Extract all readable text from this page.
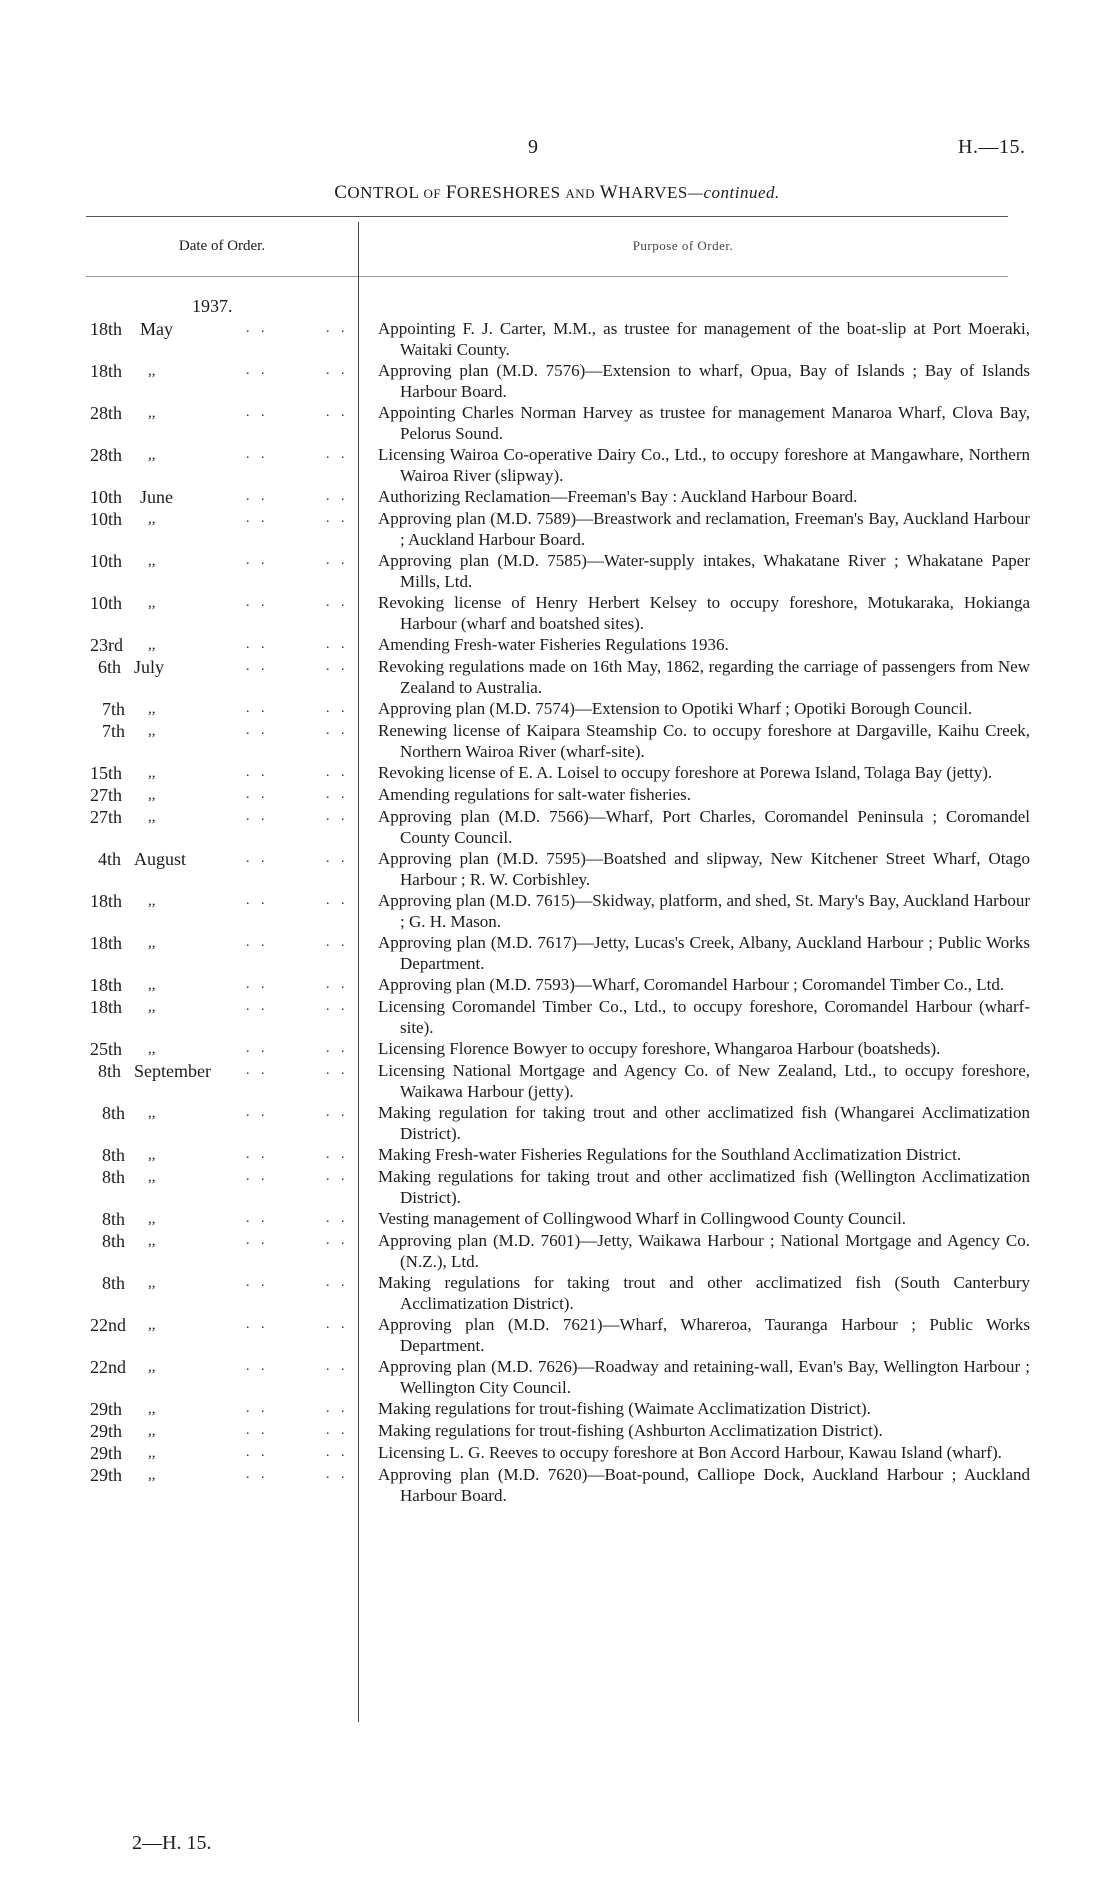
9	H.—15.
CONTROL OF FORESHORES AND WHARVES—continued.
Date of Order.	Purpose of Order.
1937.
18th May	. .	. . Appointing F. J. Carter, M.M., as trustee for management of the boat-slip at Port Moeraki, Waitaki County.
18th ,,	. .	. . Approving plan (M.D. 7576)—Extension to wharf, Opua, Bay of Islands ; Bay of Islands Harbour Board.
28th ,,	. .	. . Appointing Charles Norman Harvey as trustee for management Manaroa Wharf, Clova Bay, Pelorus Sound.
28th ,,	. .	. . Licensing Wairoa Co-operative Dairy Co., Ltd., to occupy foreshore at Mangawhare, Northern Wairoa River (slipway).
10th June	. .	. . Authorizing Reclamation—Freeman's Bay : Auckland Harbour Board.
10th ,,	. .	. . Approving plan (M.D. 7589)—Breastwork and reclamation, Freeman's Bay, Auckland Harbour ; Auckland Harbour Board.
10th ,,	. .	. . Approving plan (M.D. 7585)—Water-supply intakes, Whakatane River ; Whakatane Paper Mills, Ltd.
10th ,,	. .	. . Revoking license of Henry Herbert Kelsey to occupy foreshore, Motukaraka, Hokianga Harbour (wharf and boatshed sites).
23rd ,,	. .	. . Amending Fresh-water Fisheries Regulations 1936.
6th July	. .	. . Revoking regulations made on 16th May, 1862, regarding the carriage of passengers from New Zealand to Australia.
7th ,,	. .	. . Approving plan (M.D. 7574)—Extension to Opotiki Wharf ; Opotiki Borough Council.
7th ,,	. .	. . Renewing license of Kaipara Steamship Co. to occupy foreshore at Dargaville, Kaihu Creek, Northern Wairoa River (wharf-site).
15th ,,	. .	. . Revoking license of E. A. Loisel to occupy foreshore at Porewa Island, Tolaga Bay (jetty).
27th ,,	. .	. . Amending regulations for salt-water fisheries.
27th ,,	. .	. . Approving plan (M.D. 7566)—Wharf, Port Charles, Coromandel Peninsula ; Coromandel County Council.
4th August	. .	. . Approving plan (M.D. 7595)—Boatshed and slipway, New Kitchener Street Wharf, Otago Harbour ; R. W. Corbishley.
18th ,,	. .	. . Approving plan (M.D. 7615)—Skidway, platform, and shed, St. Mary's Bay, Auckland Harbour ; G. H. Mason.
18th ,,	. .	. . Approving plan (M.D. 7617)—Jetty, Lucas's Creek, Albany, Auckland Harbour ; Public Works Department.
18th ,,	. .	. . Approving plan (M.D. 7593)—Wharf, Coromandel Harbour ; Coromandel Timber Co., Ltd.
18th ,,	. .	. . Licensing Coromandel Timber Co., Ltd., to occupy foreshore, Coromandel Harbour (wharf-site).
25th ,,	. .	. . Licensing Florence Bowyer to occupy foreshore, Whangaroa Harbour (boatsheds).
8th September	. .	. . Licensing National Mortgage and Agency Co. of New Zealand, Ltd., to occupy foreshore, Waikawa Harbour (jetty).
8th ,,	. .	. . Making regulation for taking trout and other acclimatized fish (Whangarei Acclimatization District).
8th ,,	. .	. . Making Fresh-water Fisheries Regulations for the Southland Acclimatization District.
8th ,,	. .	. . Making regulations for taking trout and other acclimatized fish (Wellington Acclimatization District).
8th ,,	. .	. . Vesting management of Collingwood Wharf in Collingwood County Council.
8th ,,	. .	. . Approving plan (M.D. 7601)—Jetty, Waikawa Harbour ; National Mortgage and Agency Co. (N.Z.), Ltd.
8th ,,	. .	. . Making regulations for taking trout and other acclimatized fish (South Canterbury Acclimatization District).
22nd ,,	. .	. . Approving plan (M.D. 7621)—Wharf, Whareroa, Tauranga Harbour ; Public Works Department.
22nd ,,	. .	. . Approving plan (M.D. 7626)—Roadway and retaining-wall, Evan's Bay, Wellington Harbour ; Wellington City Council.
29th ,,	. .	. . Making regulations for trout-fishing (Waimate Acclimatization District).
29th ,,	. .	. . Making regulations for trout-fishing (Ashburton Acclimatization District).
29th ,,	. .	. . Licensing L. G. Reeves to occupy foreshore at Bon Accord Harbour, Kawau Island (wharf).
29th ,,	. .	. . Approving plan (M.D. 7620)—Boat-pound, Calliope Dock, Auckland Harbour ; Auckland Harbour Board.
2—H. 15.
